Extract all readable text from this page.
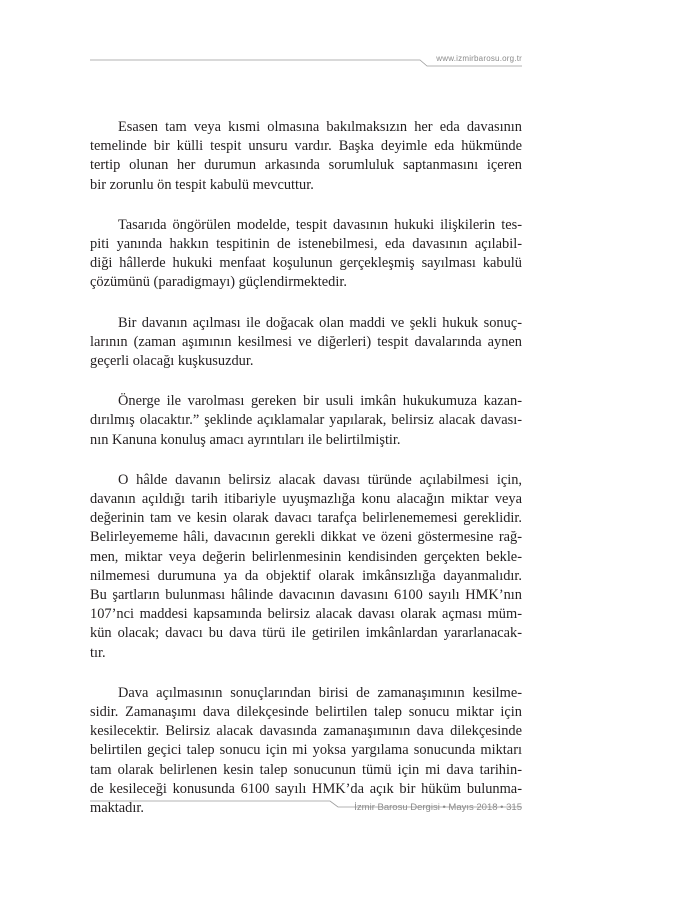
www.izmirbarosu.org.tr
Esasen tam veya kısmi olmasına bakılmaksızın her eda davasının
temelinde bir külli tespit unsuru vardır. Başka deyimle eda hükmünde
tertip olunan her durumun arkasında sorumluluk saptanmasını içeren
bir zorunlu ön tespit kabulü mevcuttur.
Tasarıda öngörülen modelde, tespit davasının hukuki ilişkilerin tes-
piti yanında hakkın tespitinin de istenebilmesi, eda davasının açılabil-
diği hâllerde hukuki menfaat koşulunun gerçekleşmiş sayılması kabulü
çözümünü (paradigmayı) güçlendirmektedir.
Bir davanın açılması ile doğacak olan maddi ve şekli hukuk sonuç-
larının (zaman aşımının kesilmesi ve diğerleri) tespit davalarında aynen
geçerli olacağı kuşkusuzdur.
Önerge ile varolması gereken bir usuli imkân hukukumuza kazan-
dırılmış olacaktır.” şeklinde açıklamalar yapılarak, belirsiz alacak davası-
nın Kanuna konuluş amacı ayrıntıları ile belirtilmiştir.
O hâlde davanın belirsiz alacak davası türünde açılabilmesi için,
davanın açıldığı tarih itibariyle uyuşmazlığa konu alacağın miktar veya
değerinin tam ve kesin olarak davacı tarafça belirlenememesi gereklidir.
Belirleyememe hâli, davacının gerekli dikkat ve özeni göstermesine rağ-
men, miktar veya değerin belirlenmesinin kendisinden gerçekten bekle-
nilmemesi durumuna ya da objektif olarak imkânsızlığa dayanmalıdır.
Bu şartların bulunması hâlinde davacının davasını 6100 sayılı HMK’nın
107’nci maddesi kapsamında belirsiz alacak davası olarak açması müm-
kün olacak; davacı bu dava türü ile getirilen imkânlardan yararlanacak-
tır.
Dava açılmasının sonuçlarından birisi de zamanaşımının kesilme-
sidir. Zamanaşımı dava dilekçesinde belirtilen talep sonucu miktar için
kesilecektir. Belirsiz alacak davasında zamanaşımının dava dilekçesinde
belirtilen geçici talep sonucu için mi yoksa yargılama sonucunda miktarı
tam olarak belirlenen kesin talep sonucunun tümü için mi dava tarihin-
de kesileceği konusunda 6100 sayılı HMK’da açık bir hüküm bulunma-
maktadır.	İzmir Barosu Dergisi • Mayıs 2018 • 315
